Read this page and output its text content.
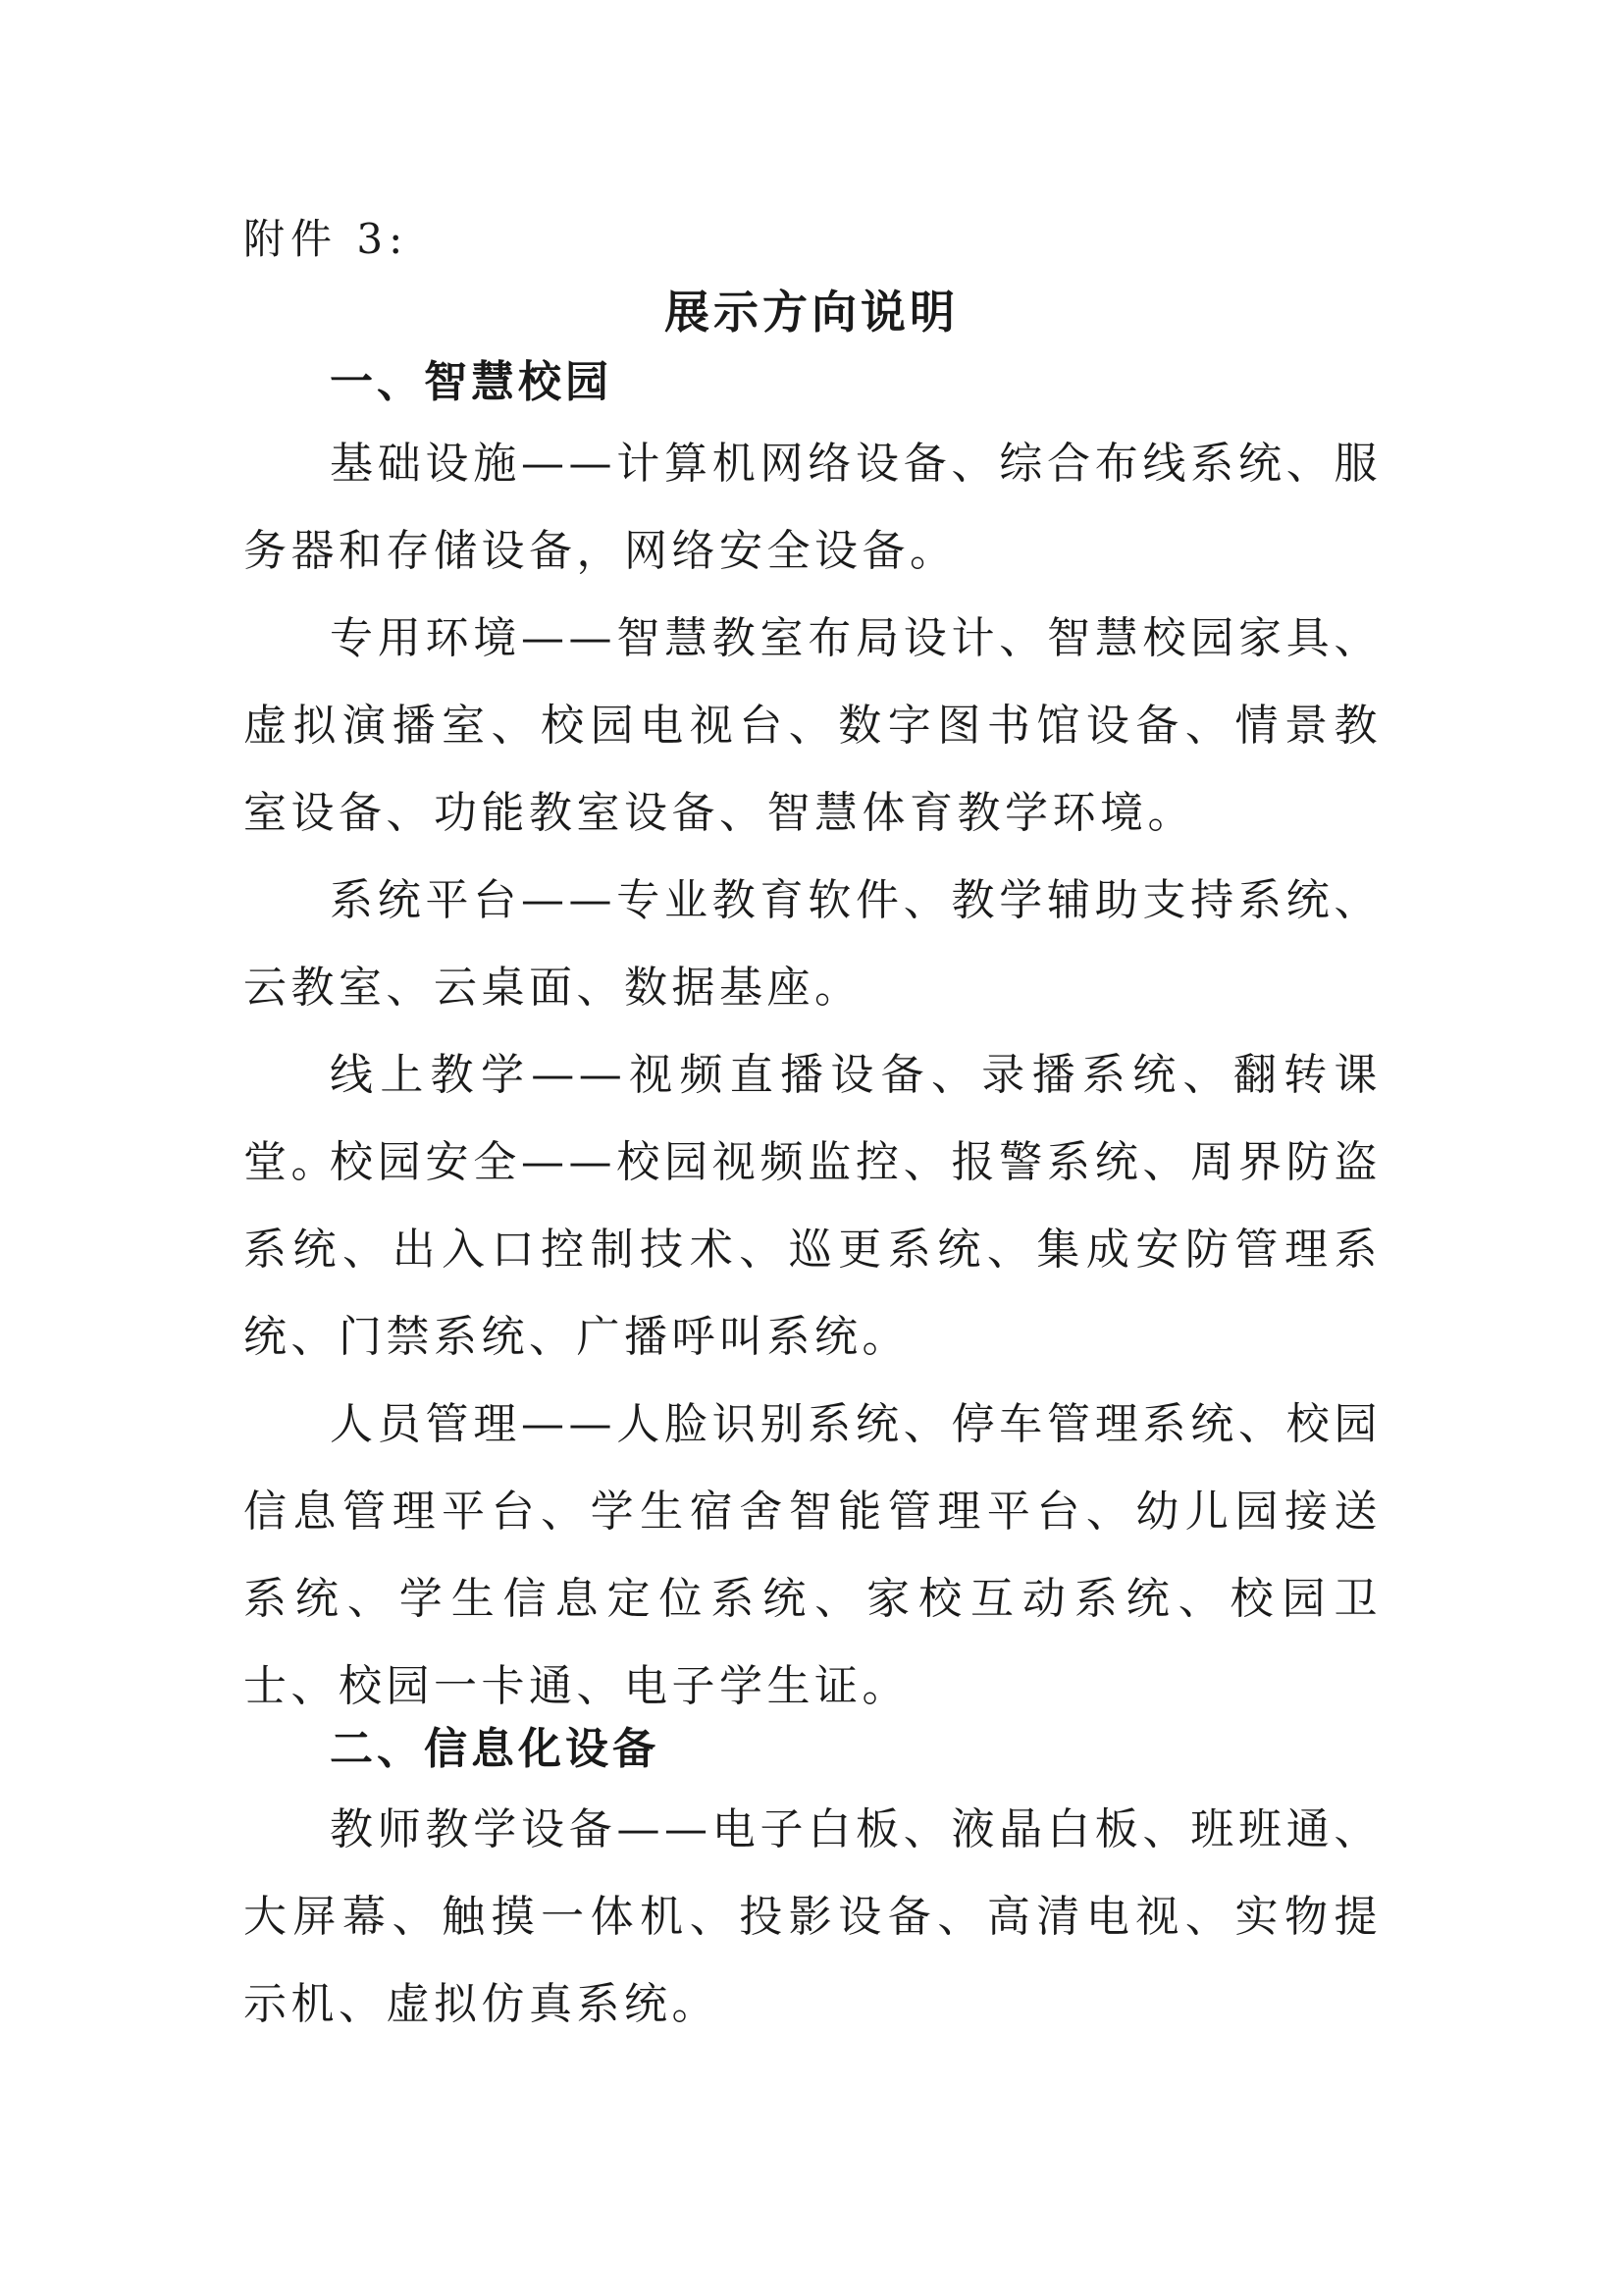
附件 3:
展示方向说明
一、智慧校园
基础设施——计算机网络设备、综合布线系统、服务器和存储设备，网络安全设备。
专用环境——智慧教室布局设计、智慧校园家具、虚拟演播室、校园电视台、数字图书馆设备、情景教室设备、功能教室设备、智慧体育教学环境。
系统平台——专业教育软件、教学辅助支持系统、云教室、云桌面、数据基座。
线上教学——视频直播设备、录播系统、翻转课堂。
校园安全——校园视频监控、报警系统、周界防盗系统、出入口控制技术、巡更系统、集成安防管理系统、门禁系统、广播呼叫系统。
人员管理——人脸识别系统、停车管理系统、校园信息管理平台、学生宿舍智能管理平台、幼儿园接送系统、学生信息定位系统、家校互动系统、校园卫士、校园一卡通、电子学生证。
二、信息化设备
教师教学设备——电子白板、液晶白板、班班通、大屏幕、触摸一体机、投影设备、高清电视、实物提示机、虚拟仿真系统。
